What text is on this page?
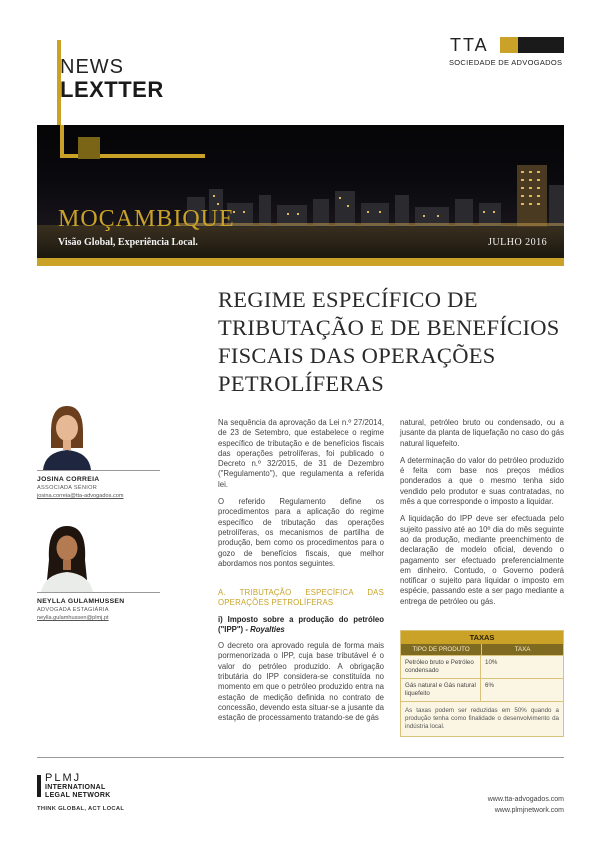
NEWS
LEXTTER
TTA
SOCIEDADE DE ADVOGADOS
MOÇAMBIQUE
Visão Global, Experiência Local.	JULHO 2016
REGIME ESPECÍFICO DE TRIBUTAÇÃO E DE BENEFÍCIOS FISCAIS DAS OPERAÇÕES PETROLÍFERAS
JOSINA CORREIA
ASSOCIADA SÉNIOR
josina.correia@tta-advogados.com
NEYLLA GULAMHUSSEN
ADVOGADA ESTAGIÁRIA
neylla.gulamhussen@plmj.pt

Na sequência da aprovação da Lei n.º 27/2014, de 23 de Setembro, que estabelece o regime específico de tributação e de benefícios fiscais das operações petrolíferas, foi publicado o Decreto n.º 32/2015, de 31 de Dezembro ("Regulamento"), que regulamenta a referida lei.

O referido Regulamento define os procedimentos para a aplicação do regime específico de tributação das operações petrolíferas, os mecanismos de partilha de produção, bem como os procedimentos para o gozo de benefícios fiscais, que melhor abordamos nos pontos seguintes.

A. TRIBUTAÇÃO ESPECÍFICA DAS OPERAÇÕES PETROLÍFERAS
i) Imposto sobre a produção do petróleo ("IPP") - Royalties

O decreto ora aprovado regula de forma mais pormenorizada o IPP, cuja base tributável é o valor do petróleo produzido. A obrigação tributária do IPP considera-se constituída no momento em que o petróleo produzido entra na estação de medição definida no contrato de concessão, devendo esta situar-se a jusante da estação de processamento tratando-se de gás

natural, petróleo bruto ou condensado, ou a jusante da planta de liquefação no caso do gás natural liquefeito.

A determinação do valor do petróleo produzido é feita com base nos preços médios ponderados a que o mesmo tenha sido vendido pelo produtor e suas contratadas, no mês a que corresponde o imposto a liquidar.

A liquidação do IPP deve ser efectuada pelo sujeito passivo até ao 10º dia do mês seguinte ao da produção, mediante preenchimento de declaração de modelo oficial, devendo o pagamento ser efectuado preferencialmente em dinheiro. Contudo, o Governo poderá notificar o sujeito para liquidar o imposto em espécie, passando este a ser pago mediante a entrega de petróleo ou gás.

TAXAS
TIPO DE PRODUTO	TAXA
Petróleo bruto e Petróleo condensado
10%
Gás natural e Gás natural liquefeito
6%
As taxas podem ser reduzidas em 50% quando a produção tenha como finalidade o desenvolvimento da indústria local.
PLMJ
INTERNATIONAL
LEGAL NETWORK
THINK GLOBAL, ACT LOCAL
www.tta-advogados.com
www.plmjnetwork.com
